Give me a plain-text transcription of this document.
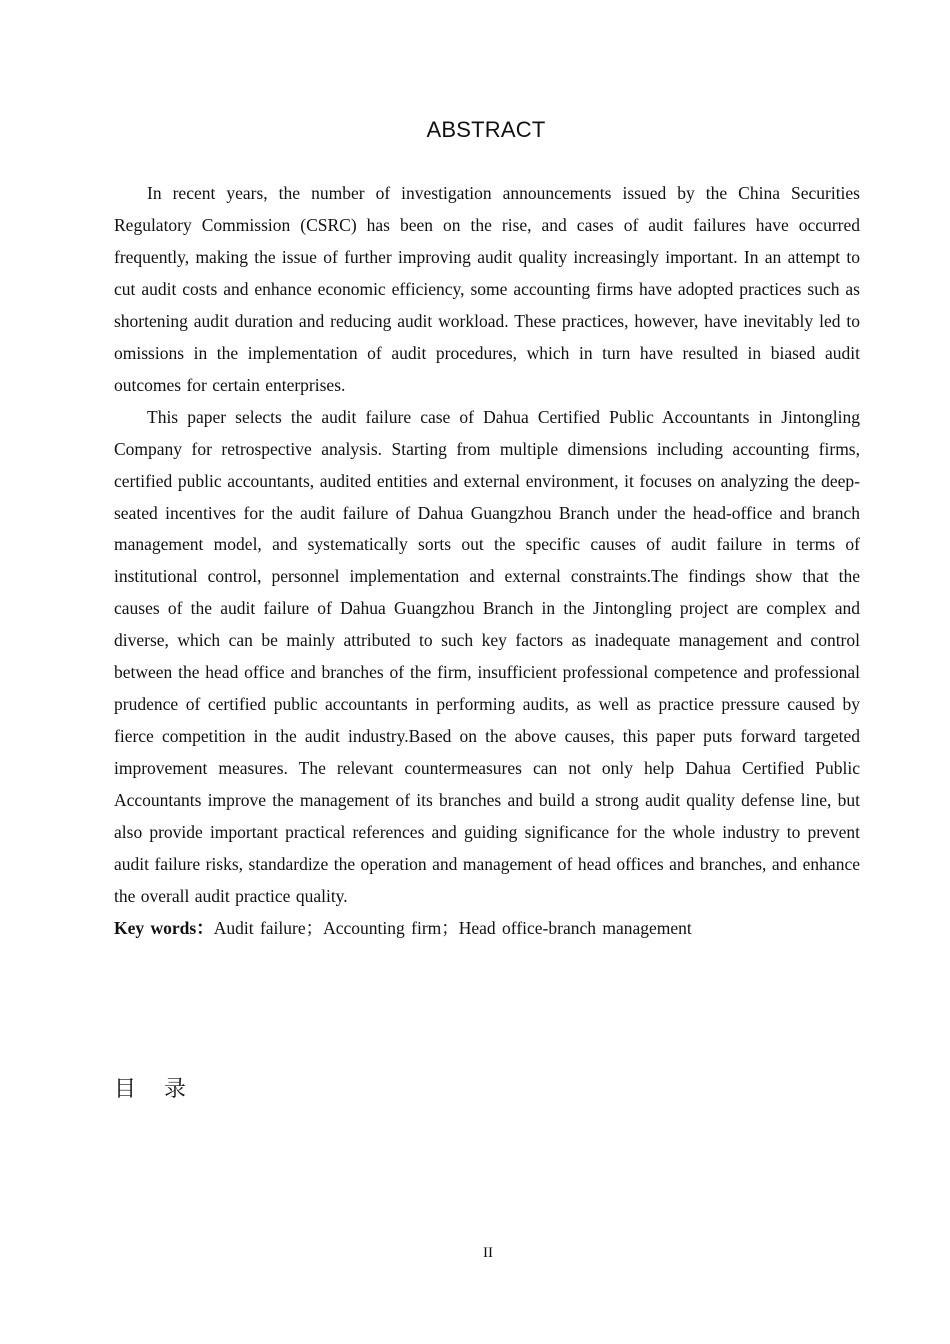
ABSTRACT

In recent years, the number of investigation announcements issued by the China Securities Regulatory Commission (CSRC) has been on the rise, and cases of audit failures have occurred frequently, making the issue of further improving audit quality increasingly important. In an attempt to cut audit costs and enhance economic efficiency, some accounting firms have adopted practices such as shortening audit duration and reducing audit workload. These practices, however, have inevitably led to omissions in the implementation of audit procedures, which in turn have resulted in biased audit outcomes for certain enterprises.

This paper selects the audit failure case of Dahua Certified Public Accountants in Jintongling Company for retrospective analysis. Starting from multiple dimensions including accounting firms, certified public accountants, audited entities and external environment, it focuses on analyzing the deep-seated incentives for the audit failure of Dahua Guangzhou Branch under the head-office and branch management model, and systematically sorts out the specific causes of audit failure in terms of institutional control, personnel implementation and external constraints.The findings show that the causes of the audit failure of Dahua Guangzhou Branch in the Jintongling project are complex and diverse, which can be mainly attributed to such key factors as inadequate management and control between the head office and branches of the firm, insufficient professional competence and professional prudence of certified public accountants in performing audits, as well as practice pressure caused by fierce competition in the audit industry.Based on the above causes, this paper puts forward targeted improvement measures. The relevant countermeasures can not only help Dahua Certified Public Accountants improve the management of its branches and build a strong audit quality defense line, but also provide important practical references and guiding significance for the whole industry to prevent audit failure risks, standardize the operation and management of head offices and branches, and enhance the overall audit practice quality.

Key words：Audit failure；Accounting firm；Head office-branch management

目    录
II
